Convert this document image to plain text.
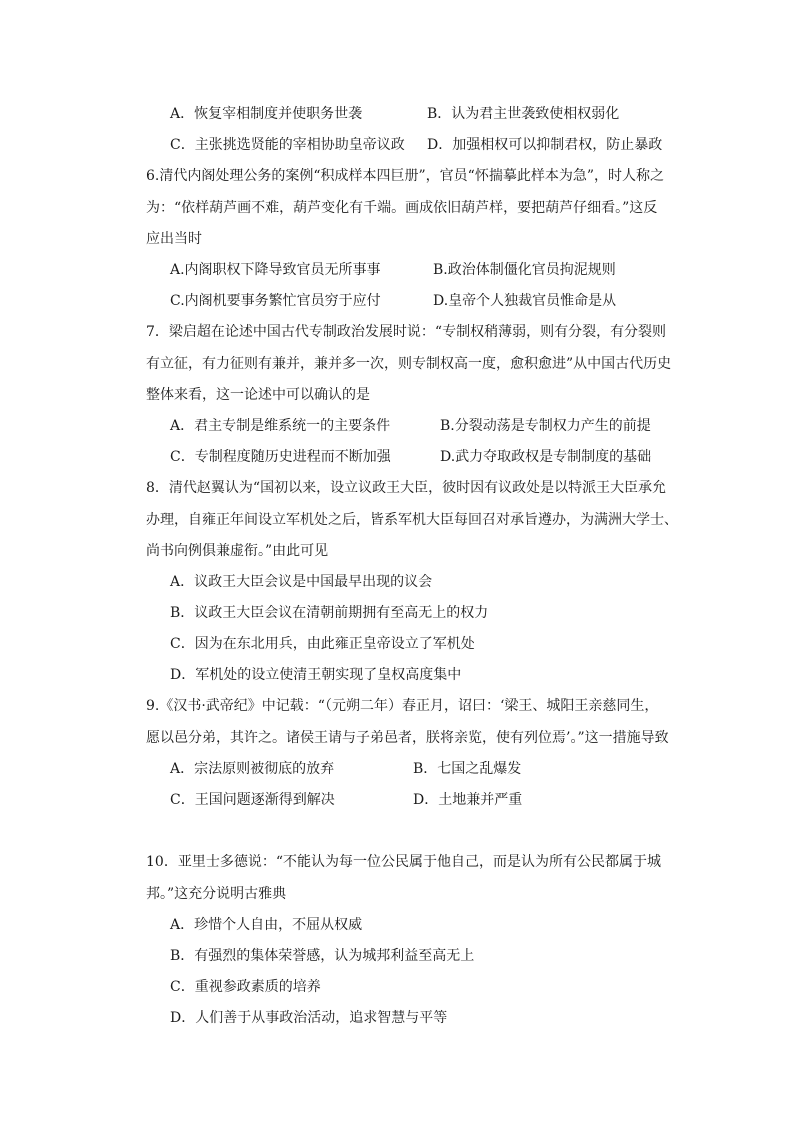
A．恢复宰相制度并使职务世袭	B．认为君主世袭致使相权弱化
C．主张挑选贤能的宰相协助皇帝议政 D．加强相权可以抑制君权，防止暴政
6.清代内阁处理公务的案例“积成样本四巨册”，官员“怀揣摹此样本为急”，时人称之
为：“依样葫芦画不难，葫芦变化有千端。画成依旧葫芦样，要把葫芦仔细看。”这反
应出当时
A.内阁职权下降导致官员无所事事	B.政治体制僵化官员拘泥规则
C.内阁机要事务繁忙官员穷于应付	D.皇帝个人独裁官员惟命是从
7．梁启超在论述中国古代专制政治发展时说：“专制权稍薄弱，则有分裂，有分裂则
有立征，有力征则有兼并，兼并多一次，则专制权高一度，愈积愈进”从中国古代历史
整体来看，这一论述中可以确认的是
A．君主专制是维系统一的主要条件	B.分裂动荡是专制权力产生的前提
C．专制程度随历史进程而不断加强	D.武力夺取政权是专制制度的基础
8．清代赵翼认为“国初以来，设立议政王大臣，彼时因有议政处是以特派王大臣承允
办理，自雍正年间设立军机处之后，皆系军机大臣每回召对承旨遵办，为满洲大学士、
尚书向例俱兼虚衔。”由此可见
A．议政王大臣会议是中国最早出现的议会
B．议政王大臣会议在清朝前期拥有至高无上的权力
C．因为在东北用兵，由此雍正皇帝设立了军机处
D．军机处的设立使清王朝实现了皇权高度集中
9.《汉书·武帝纪》中记载：“（元朔二年）春正月，诏曰：‘梁王、城阳王亲慈同生，
愿以邑分弟，其许之。诸侯王请与子弟邑者，朕将亲览，使有列位焉’。”这一措施导致
A．宗法原则被彻底的放弃	B．七国之乱爆发
C．王国问题逐渐得到解决	D．土地兼并严重
10．亚里士多德说：“不能认为每一位公民属于他自己，而是认为所有公民都属于城
邦。”这充分说明古雅典
A．珍惜个人自由，不屈从权威
B．有强烈的集体荣誉感，认为城邦利益至高无上
C．重视参政素质的培养
D．人们善于从事政治活动，追求智慧与平等
